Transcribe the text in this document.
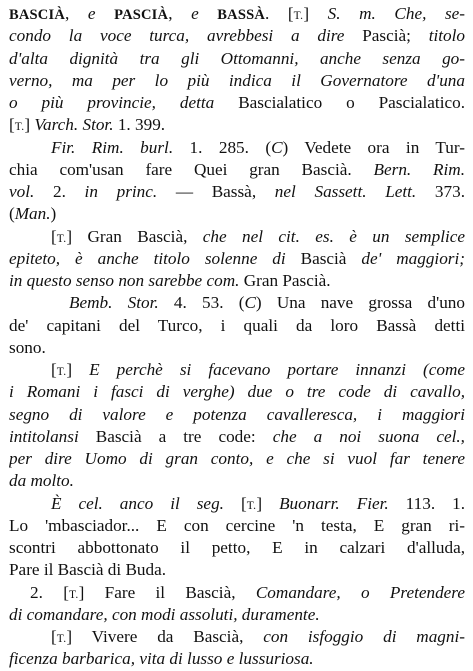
BASCIÀ, e PASCIÀ, e BASSÀ. [T.] S. m. Che, se-
condo la voce turca, avrebbesi a dire Pascià; titolo
d'alta dignità tra gli Ottomanni, anche senza go-
verno, ma per lo più indica il Governatore d'una
o più provincie, detta Bascialatico o Pascialatico.
[T.] Varch. Stor. 1. 399.
Fir. Rim. burl. 1. 285. (C) Vedete ora in Tur-
chia com'usan fare Quei gran Bascià. Bern. Rim.
vol. 2. in princ. — Bassà, nel Sassett. Lett. 373.
(Man.)
[T.] Gran Bascià, che nel cit. es. è un semplice
epiteto, è anche titolo solenne di Bascià de' maggiori;
in questo senso non sarebbe com. Gran Pascià.
Bemb. Stor. 4. 53. (C) Una nave grossa d'uno
de' capitani del Turco, i quali da loro Bassà detti
sono.
[T.] E perchè si facevano portare innanzi (come
i Romani i fasci di verghe) due o tre code di cavallo,
segno di valore e potenza cavalleresca, i maggiori
intitolansi Bascià a tre code: che a noi suona cel.,
per dire Uomo di gran conto, e che si vuol far tenere
da molto.
È cel. anco il seg. [T.] Buonarr. Fier. 113. 1.
Lo 'mbasciador... E con cercine 'n testa, E gran ri-
scontri abbottonato il petto, E in calzari d'alluda,
Pare il Bascià di Buda.
2. [T.] Fare il Bascià, Comandare, o Pretendere
di comandare, con modi assoluti, duramente.
[T.] Vivere da Bascià, con isfoggio di magni-
ficenza barbarica, vita di lusso e lussuriosa.
